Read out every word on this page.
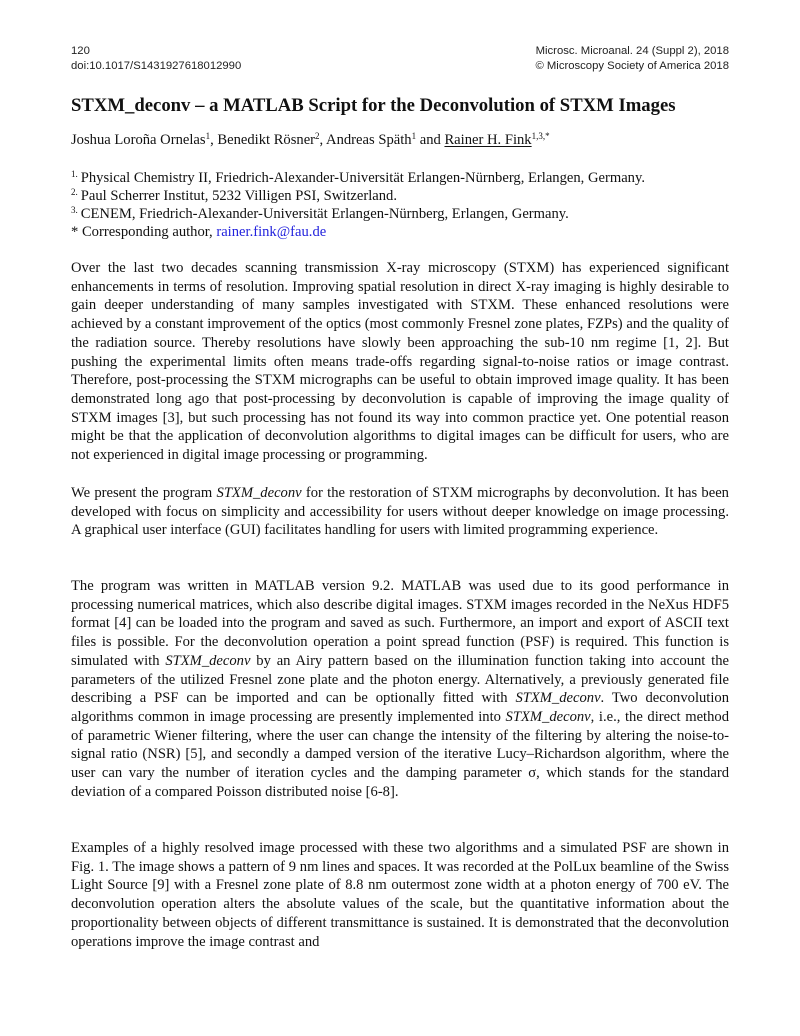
120
doi:10.1017/S1431927618012990
Microsc. Microanal. 24 (Suppl 2), 2018
© Microscopy Society of America 2018
STXM_deconv – a MATLAB Script for the Deconvolution of STXM Images
Joshua Loroña Ornelas$^1$, Benedikt Rösner$^2$, Andreas Späth$^1$ and Rainer H. Fink$^{1,3,*}$
$^{1.}$ Physical Chemistry II, Friedrich-Alexander-Universität Erlangen-Nürnberg, Erlangen, Germany.
$^{2.}$ Paul Scherrer Institut, 5232 Villigen PSI, Switzerland.
$^{3.}$ CENEM, Friedrich-Alexander-Universität Erlangen-Nürnberg, Erlangen, Germany.
* Corresponding author, rainer.fink@fau.de

Over the last two decades scanning transmission X-ray microscopy (STXM) has experienced significant enhancements in terms of resolution. Improving spatial resolution in direct X-ray imaging is highly desirable to gain deeper understanding of many samples investigated with STXM. These enhanced resolutions were achieved by a constant improvement of the optics (most commonly Fresnel zone plates, FZPs) and the quality of the radiation source. Thereby resolutions have slowly been approaching the sub-10 nm regime [1, 2]. But pushing the experimental limits often means trade-offs regarding signal-to-noise ratios or image contrast. Therefore, post-processing the STXM micrographs can be useful to obtain improved image quality. It has been demonstrated long ago that post-processing by deconvolution is capable of improving the image quality of STXM images [3], but such processing has not found its way into common practice yet. One potential reason might be that the application of deconvolution algorithms to digital images can be difficult for users, who are not experienced in digital image processing or programming.

We present the program STXM_deconv for the restoration of STXM micrographs by deconvolution. It has been developed with focus on simplicity and accessibility for users without deeper knowledge on image processing. A graphical user interface (GUI) facilitates handling for users with limited programming experience.

The program was written in MATLAB version 9.2. MATLAB was used due to its good performance in processing numerical matrices, which also describe digital images. STXM images recorded in the NeXus HDF5 format [4] can be loaded into the program and saved as such. Furthermore, an import and export of ASCII text files is possible. For the deconvolution operation a point spread function (PSF) is required. This function is simulated with STXM_deconv by an Airy pattern based on the illumination function taking into account the parameters of the utilized Fresnel zone plate and the photon energy. Alternatively, a previously generated file describing a PSF can be imported and can be optionally fitted with STXM_deconv. Two deconvolution algorithms common in image processing are presently implemented into STXM_deconv, i.e., the direct method of parametric Wiener filtering, where the user can change the intensity of the filtering by altering the noise-to-signal ratio (NSR) [5], and secondly a damped version of the iterative Lucy–Richardson algorithm, where the user can vary the number of iteration cycles and the damping parameter σ, which stands for the standard deviation of a compared Poisson distributed noise [6-8].

Examples of a highly resolved image processed with these two algorithms and a simulated PSF are shown in Fig. 1. The image shows a pattern of 9 nm lines and spaces. It was recorded at the PolLux beamline of the Swiss Light Source [9] with a Fresnel zone plate of 8.8 nm outermost zone width at a photon energy of 700 eV. The deconvolution operation alters the absolute values of the scale, but the quantitative information about the proportionality between objects of different transmittance is sustained. It is demonstrated that the deconvolution operations improve the image contrast and
